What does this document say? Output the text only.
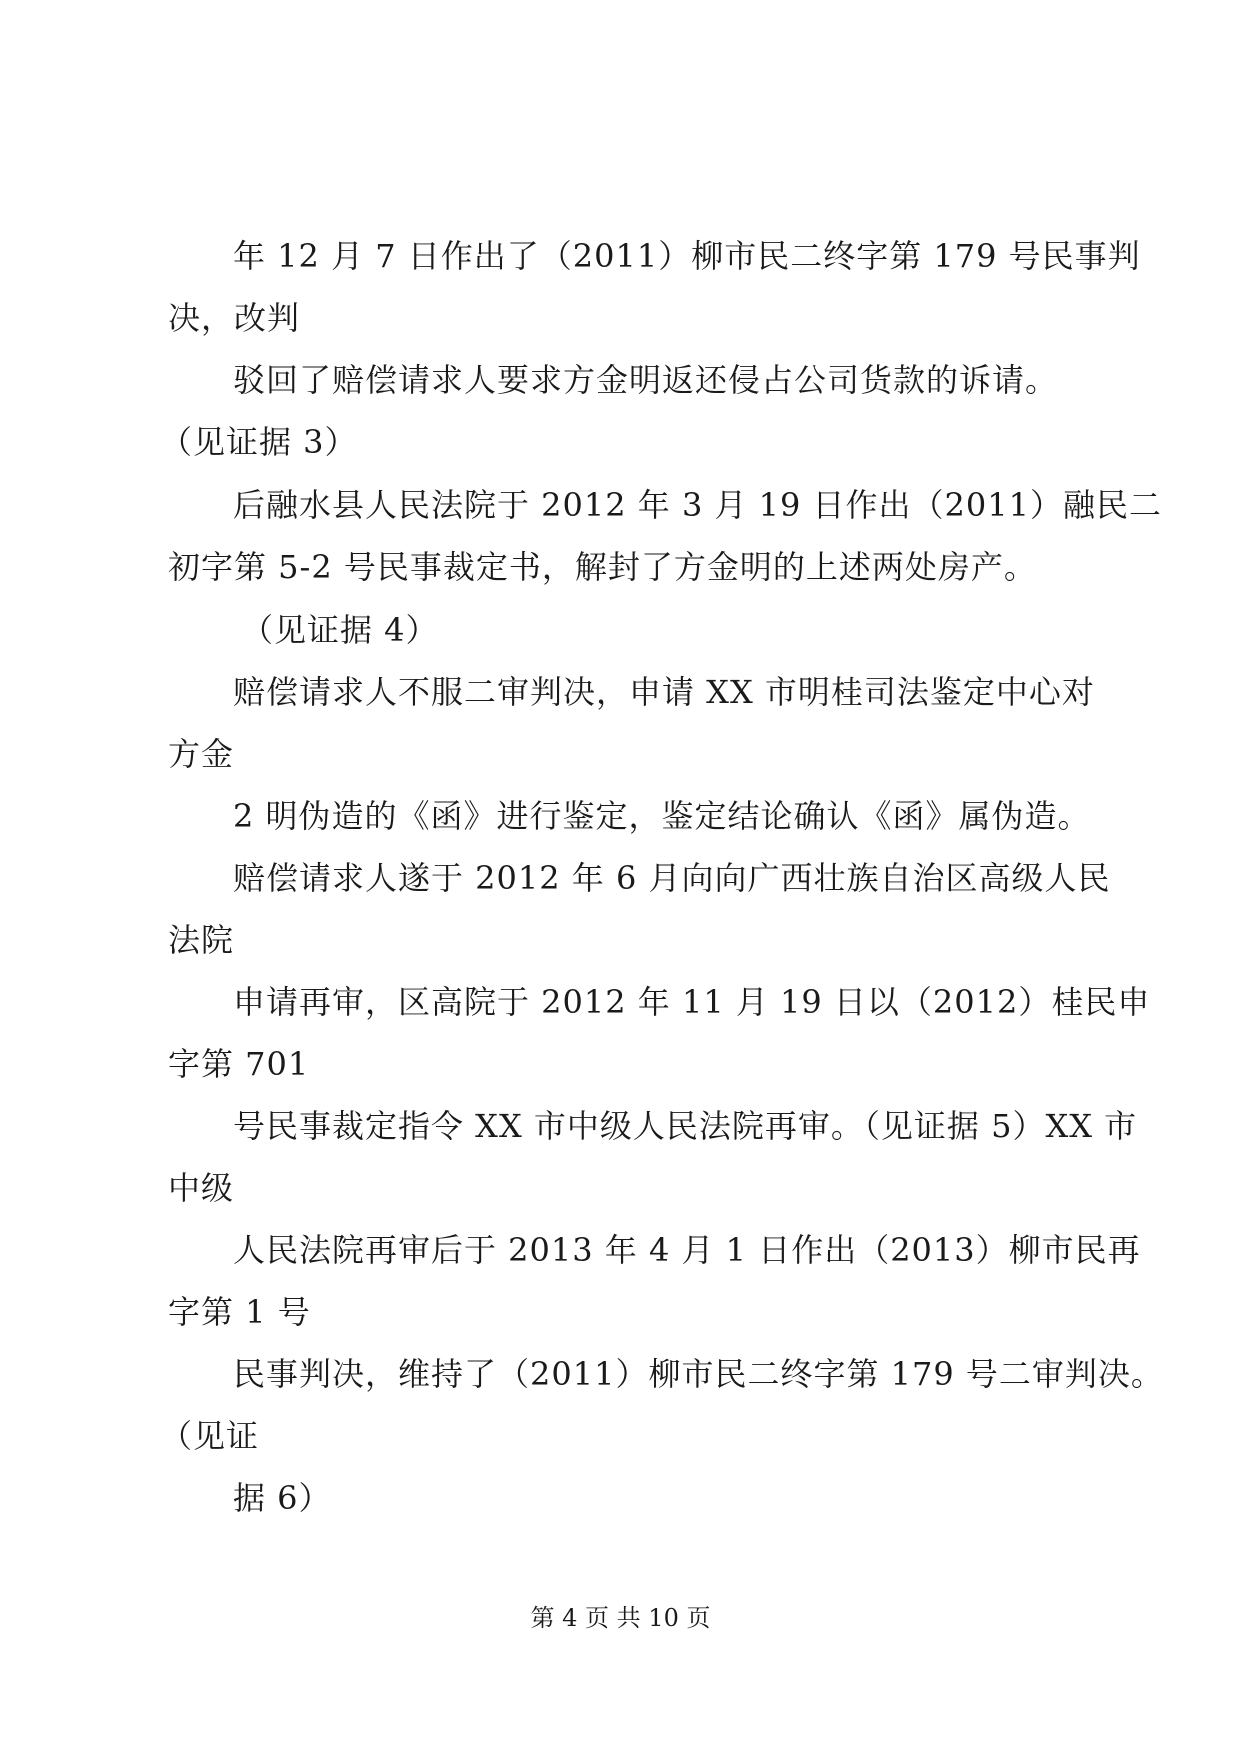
年 12 月 7 日作出了（2011）柳市民二终字第 179 号民事判
决，改判
驳回了赔偿请求人要求方金明返还侵占公司货款的诉请。
（见证据 3）
后融水县人民法院于 2012 年 3 月 19 日作出（2011）融民二
初字第 5-2 号民事裁定书，解封了方金明的上述两处房产。
（见证据 4）
赔偿请求人不服二审判决，申请 XX 市明桂司法鉴定中心对
方金
2 明伪造的《函》进行鉴定，鉴定结论确认《函》属伪造。
赔偿请求人遂于 2012 年 6 月向向广西壮族自治区高级人民
法院
申请再审，区高院于 2012 年 11 月 19 日以（2012）桂民申
字第 701
号民事裁定指令 XX 市中级人民法院再审。（见证据 5）XX 市
中级
人民法院再审后于 2013 年 4 月 1 日作出（2013）柳市民再
字第 1 号
民事判决，维持了（2011）柳市民二终字第 179 号二审判决。
（见证
据 6）
第 4 页 共 10 页
